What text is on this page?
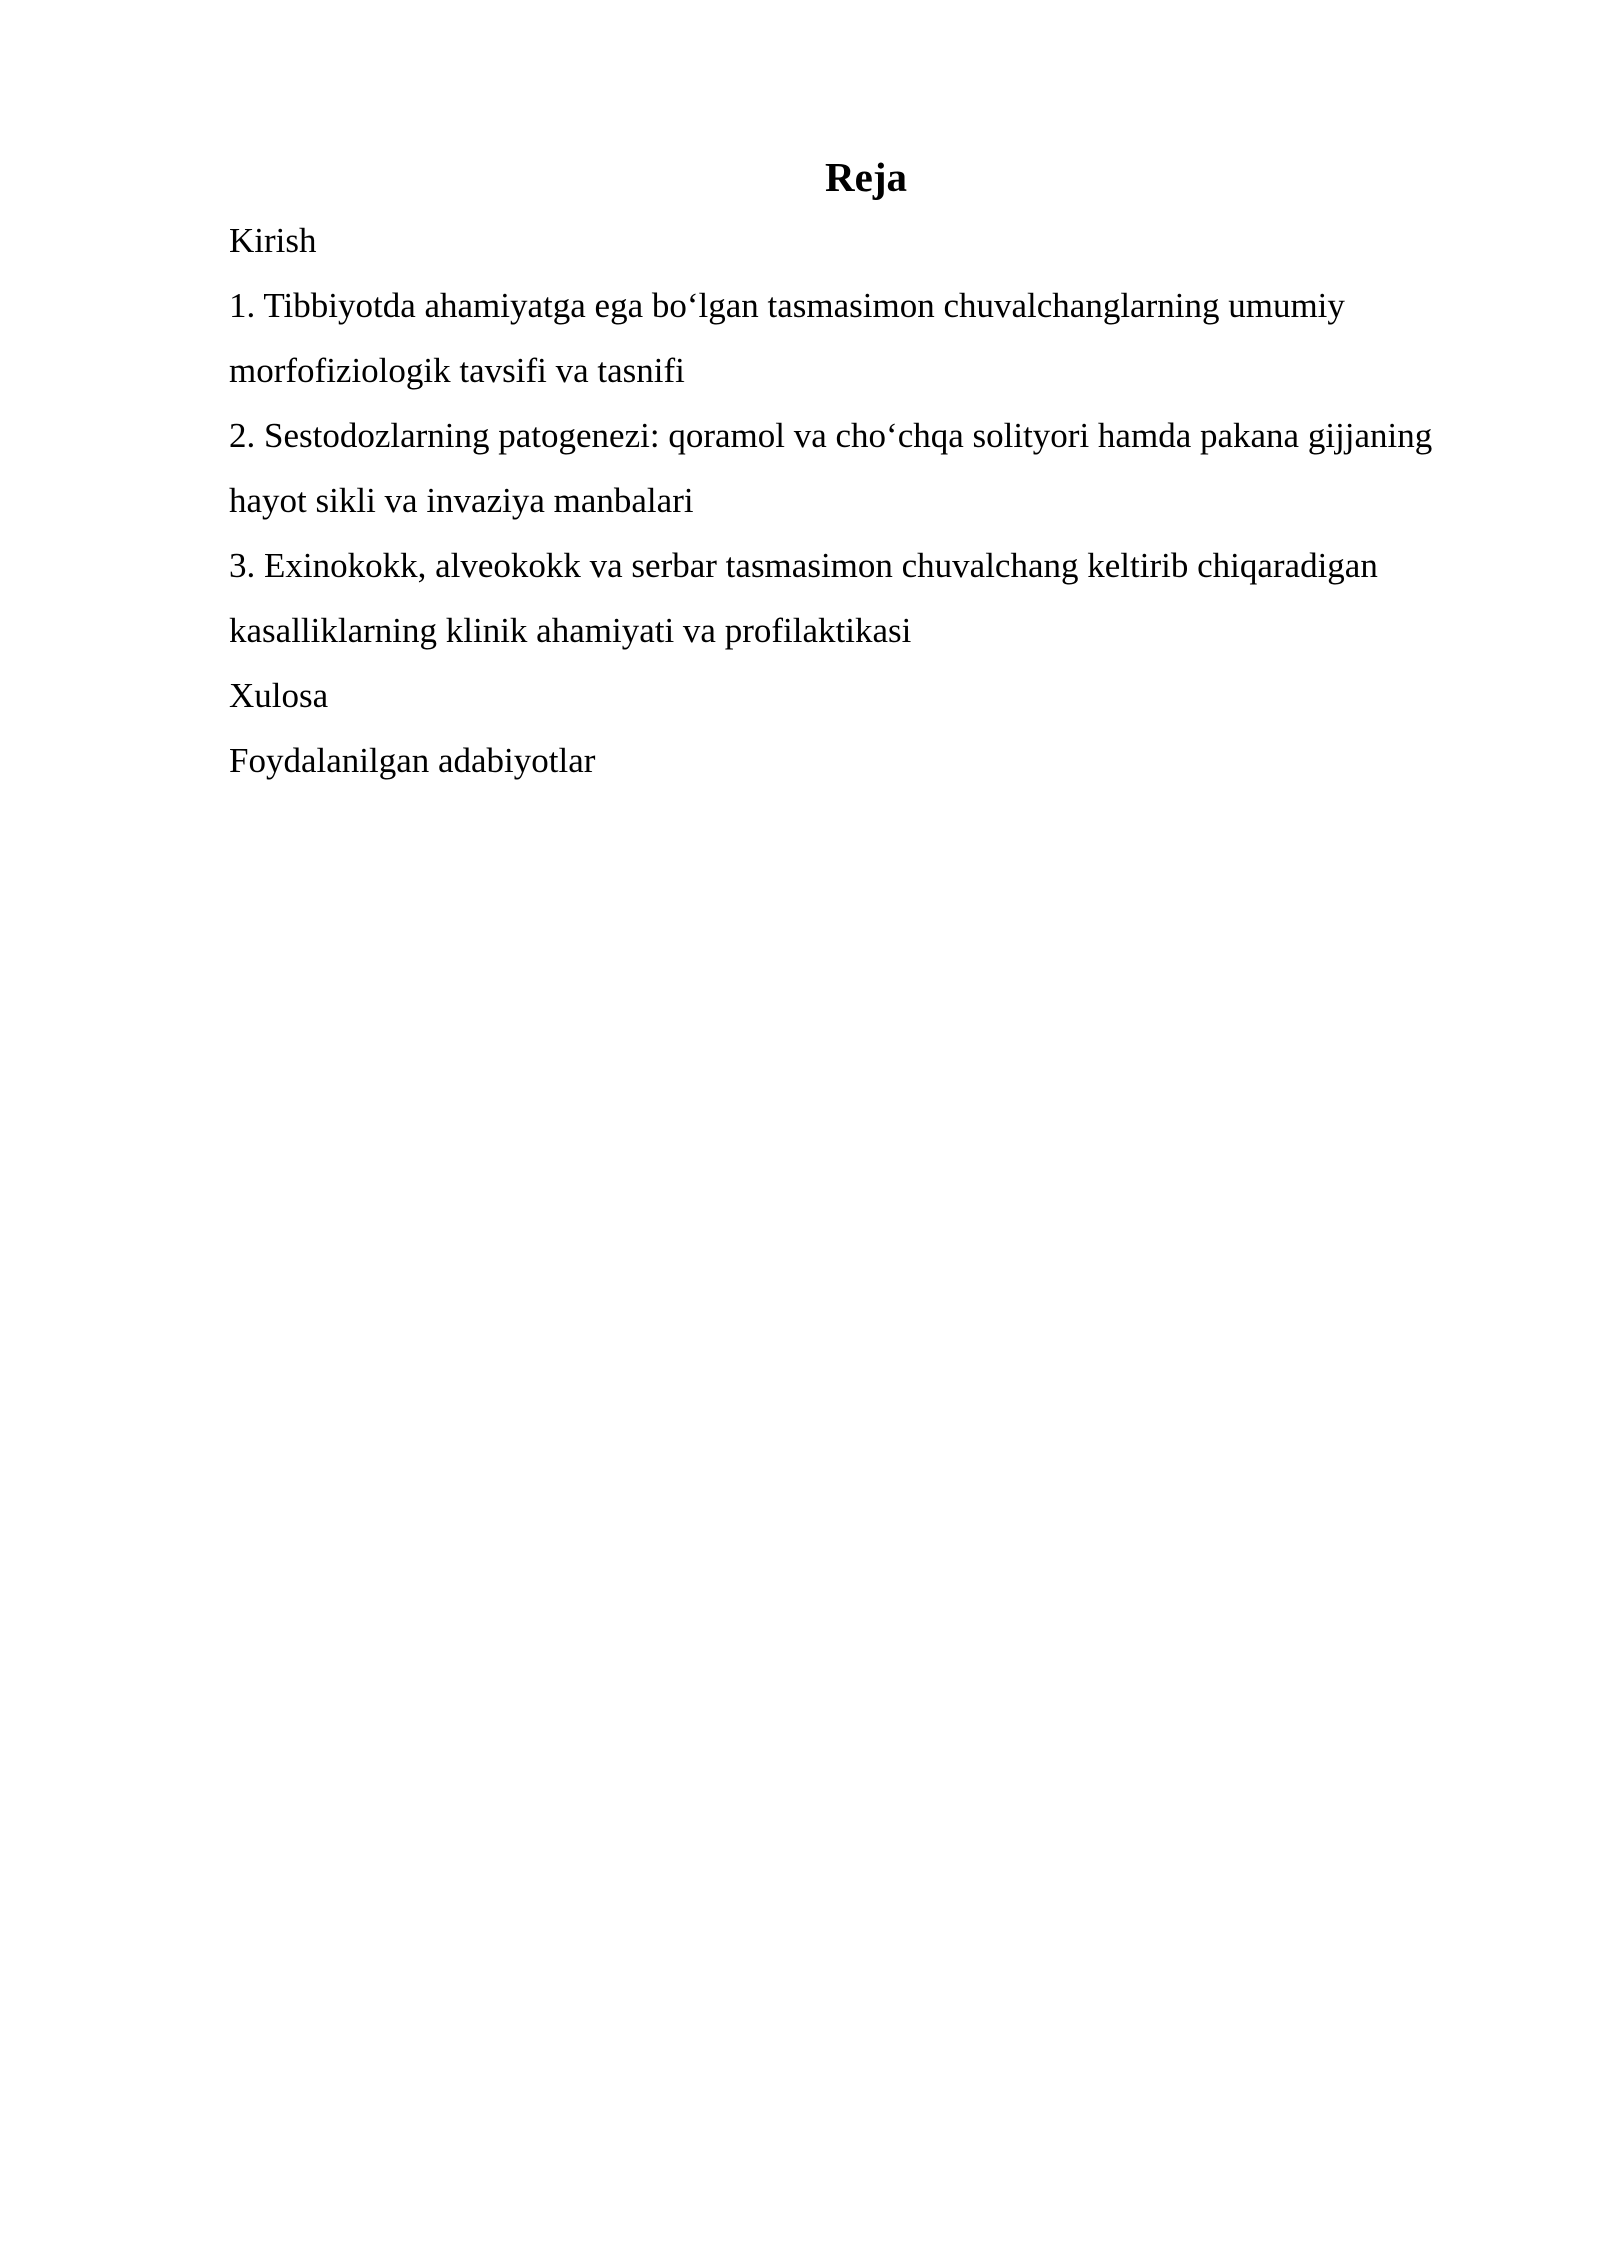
Reja
Kirish
1. Tibbiyotda ahamiyatga ega bo‘lgan tasmasimon chuvalchanglarning umumiy morfofiziologik tavsifi va tasnifi
2. Sestodozlarning patogenezi: qoramol va cho‘chqa solityori hamda pakana gijjaning hayot sikli va invaziya manbalari
3. Exinokokk, alveokokk va serbar tasmasimon chuvalchang keltirib chiqaradigan kasalliklarning klinik ahamiyati va profilaktikasi
Xulosa
Foydalanilgan adabiyotlar
